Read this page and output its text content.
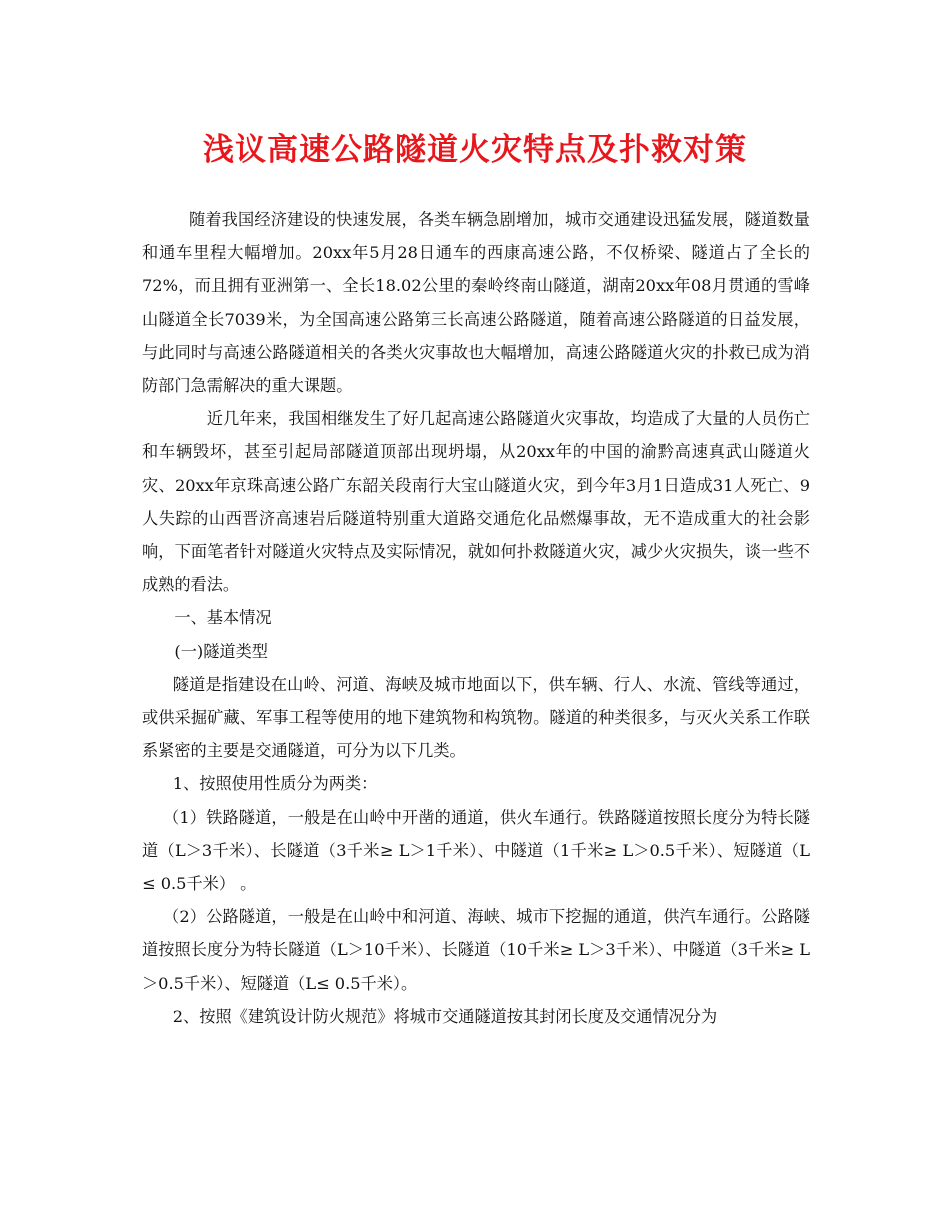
浅议高速公路隧道火灾特点及扑救对策

随着我国经济建设的快速发展，各类车辆急剧增加，城市交通建设迅猛发展，隧道数量和通车里程大幅增加。20xx年5月28日通车的西康高速公路，不仅桥梁、隧道占了全长的72%，而且拥有亚洲第一、全长18.02公里的秦岭终南山隧道，湖南20xx年08月贯通的雪峰山隧道全长7039米，为全国高速公路第三长高速公路隧道，随着高速公路隧道的日益发展，与此同时与高速公路隧道相关的各类火灾事故也大幅增加，高速公路隧道火灾的扑救已成为消防部门急需解决的重大课题。

近几年来，我国相继发生了好几起高速公路隧道火灾事故，均造成了大量的人员伤亡和车辆毁坏，甚至引起局部隧道顶部出现坍塌，从20xx年的中国的渝黔高速真武山隧道火灾、20xx年京珠高速公路广东韶关段南行大宝山隧道火灾，到今年3月1日造成31人死亡、9人失踪的山西晋济高速岩后隧道特别重大道路交通危化品燃爆事故，无不造成重大的社会影响，下面笔者针对隧道火灾特点及实际情况，就如何扑救隧道火灾，减少火灾损失，谈一些不成熟的看法。

一、基本情况

(一)隧道类型

隧道是指建设在山岭、河道、海峡及城市地面以下，供车辆、行人、水流、管线等通过，或供采掘矿藏、军事工程等使用的地下建筑物和构筑物。隧道的种类很多，与灭火关系工作联系紧密的主要是交通隧道，可分为以下几类。

1、按照使用性质分为两类：

（1）铁路隧道，一般是在山岭中开凿的通道，供火车通行。铁路隧道按照长度分为特长隧道（L＞3千米）、长隧道（3千米≥ L＞1千米）、中隧道（1千米≥ L＞0.5千米）、短隧道（L ≤ 0.5千米） 。

（2）公路隧道，一般是在山岭中和河道、海峡、城市下挖掘的通道，供汽车通行。公路隧道按照长度分为特长隧道（L＞10千米）、长隧道（10千米≥ L＞3千米）、中隧道（3千米≥ L＞0.5千米）、短隧道（L≤ 0.5千米）。

2、按照《建筑设计防火规范》将城市交通隧道按其封闭长度及交通情况分为
